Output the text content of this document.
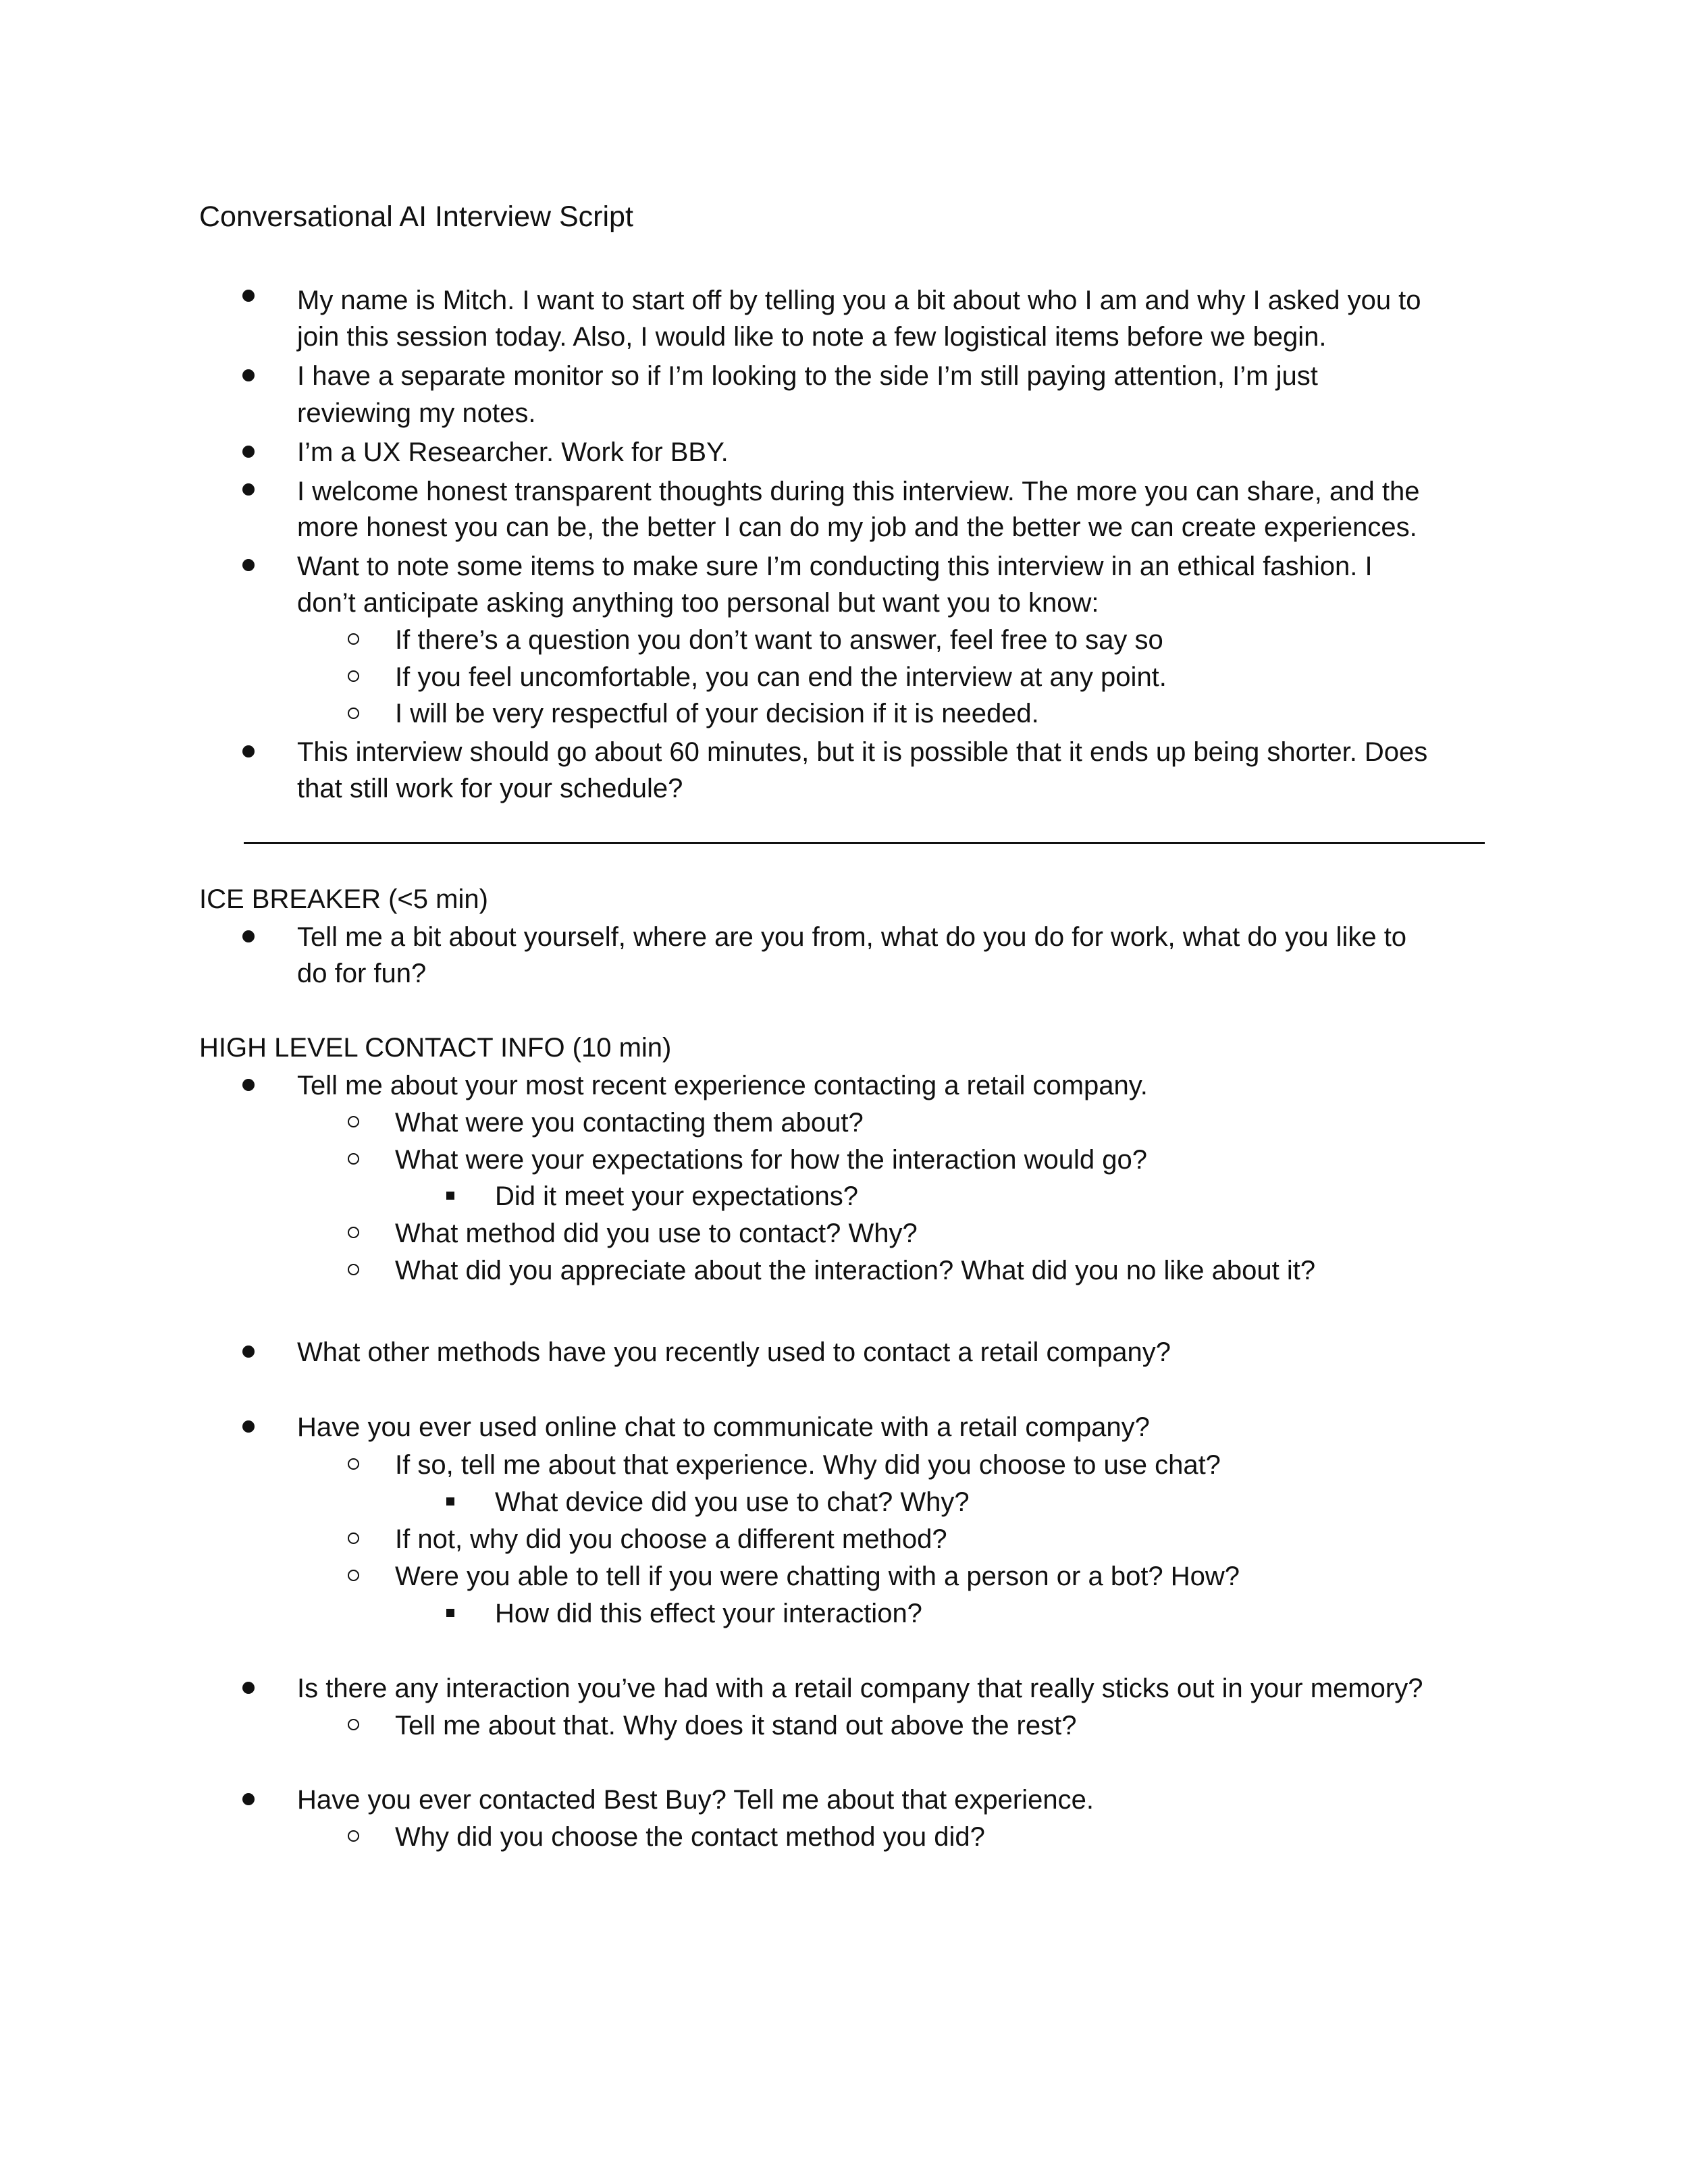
Conversational AI Interview Script
My name is Mitch. I want to start off by telling you a bit about who I am and why I asked you to
join this session today. Also, I would like to note a few logistical items before we begin.
I have a separate monitor so if I’m looking to the side I’m still paying attention, I’m just
reviewing my notes.
I’m a UX Researcher. Work for BBY.
I welcome honest transparent thoughts during this interview. The more you can share, and the
more honest you can be, the better I can do my job and the better we can create experiences.
Want to note some items to make sure I’m conducting this interview in an ethical fashion. I
don’t anticipate asking anything too personal but want you to know:
If there’s a question you don’t want to answer, feel free to say so
If you feel uncomfortable, you can end the interview at any point.
I will be very respectful of your decision if it is needed.
This interview should go about 60 minutes, but it is possible that it ends up being shorter. Does
that still work for your schedule?
ICE BREAKER (<5 min)
Tell me a bit about yourself, where are you from, what do you do for work, what do you like to
do for fun?
HIGH LEVEL CONTACT INFO (10 min)
Tell me about your most recent experience contacting a retail company.
What were you contacting them about?
What were your expectations for how the interaction would go?
Did it meet your expectations?
What method did you use to contact? Why?
What did you appreciate about the interaction? What did you no like about it?
What other methods have you recently used to contact a retail company?
Have you ever used online chat to communicate with a retail company?
If so, tell me about that experience. Why did you choose to use chat?
What device did you use to chat? Why?
If not, why did you choose a different method?
Were you able to tell if you were chatting with a person or a bot? How?
How did this effect your interaction?
Is there any interaction you’ve had with a retail company that really sticks out in your memory?
Tell me about that. Why does it stand out above the rest?
Have you ever contacted Best Buy? Tell me about that experience.
Why did you choose the contact method you did?
